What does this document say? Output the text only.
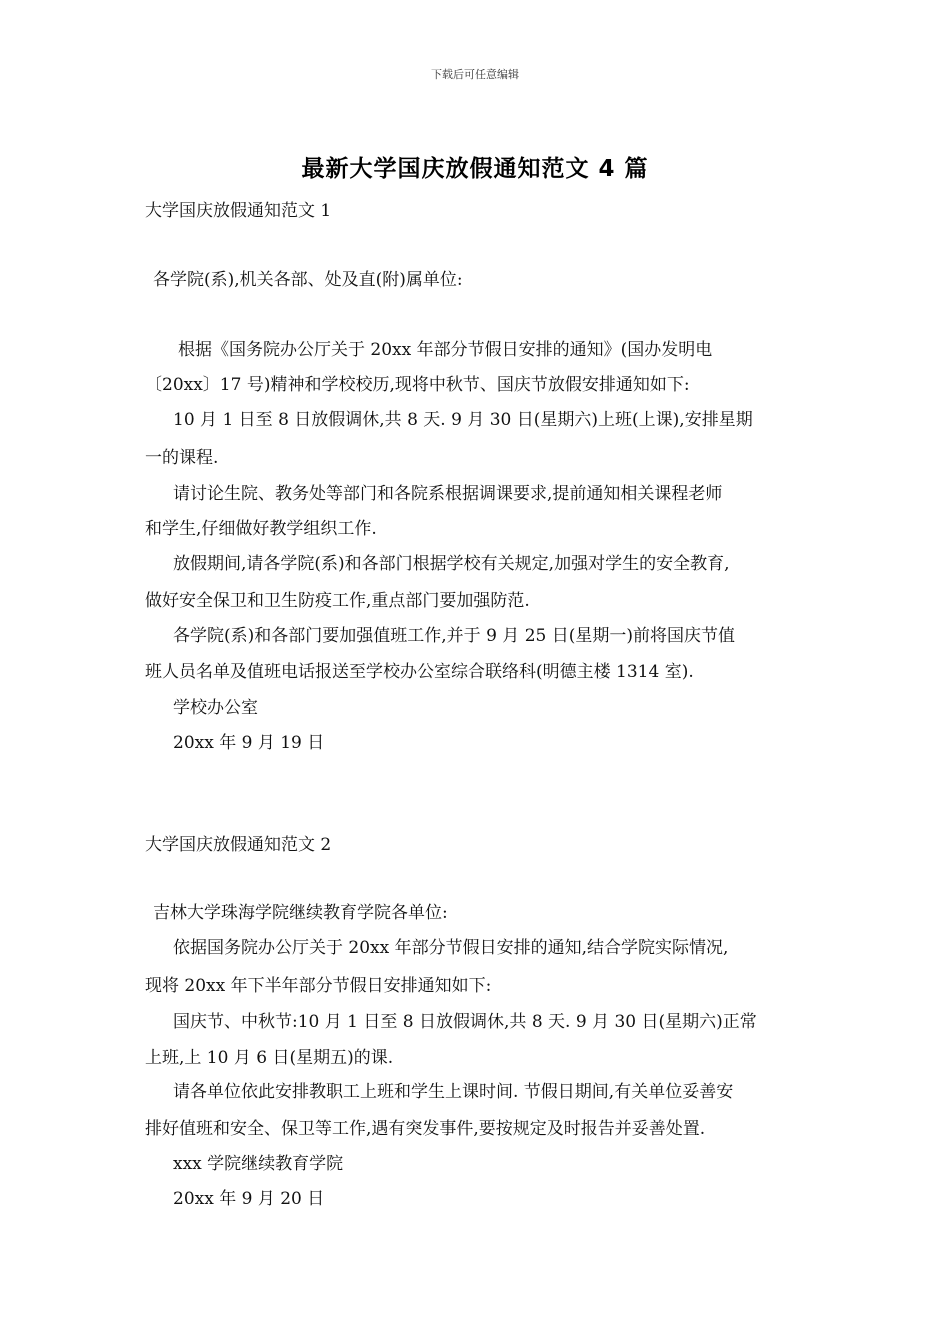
下载后可任意编辑
最新大学国庆放假通知范文 4 篇
大学国庆放假通知范文 1
各学院(系),机关各部、处及直(附)属单位:
根据《国务院办公厅关于 20xx 年部分节假日安排的通知》(国办发明电
〔20xx〕17 号)精神和学校校历,现将中秋节、国庆节放假安排通知如下:
10 月 1 日至 8 日放假调休,共 8 天. 9 月 30 日(星期六)上班(上课),安排星期
一的课程.
请讨论生院、教务处等部门和各院系根据调课要求,提前通知相关课程老师
和学生,仔细做好教学组织工作.
放假期间,请各学院(系)和各部门根据学校有关规定,加强对学生的安全教育,
做好安全保卫和卫生防疫工作,重点部门要加强防范.
各学院(系)和各部门要加强值班工作,并于 9 月 25 日(星期一)前将国庆节值
班人员名单及值班电话报送至学校办公室综合联络科(明德主楼 1314 室).
学校办公室
20xx 年 9 月 19 日
大学国庆放假通知范文 2
吉林大学珠海学院继续教育学院各单位:
依据国务院办公厅关于 20xx 年部分节假日安排的通知,结合学院实际情况,
现将 20xx 年下半年部分节假日安排通知如下:
国庆节、中秋节:10 月 1 日至 8 日放假调休,共 8 天. 9 月 30 日(星期六)正常
上班,上 10 月 6 日(星期五)的课.
请各单位依此安排教职工上班和学生上课时间. 节假日期间,有关单位妥善安
排好值班和安全、保卫等工作,遇有突发事件,要按规定及时报告并妥善处置.
xxx 学院继续教育学院
20xx 年 9 月 20 日
